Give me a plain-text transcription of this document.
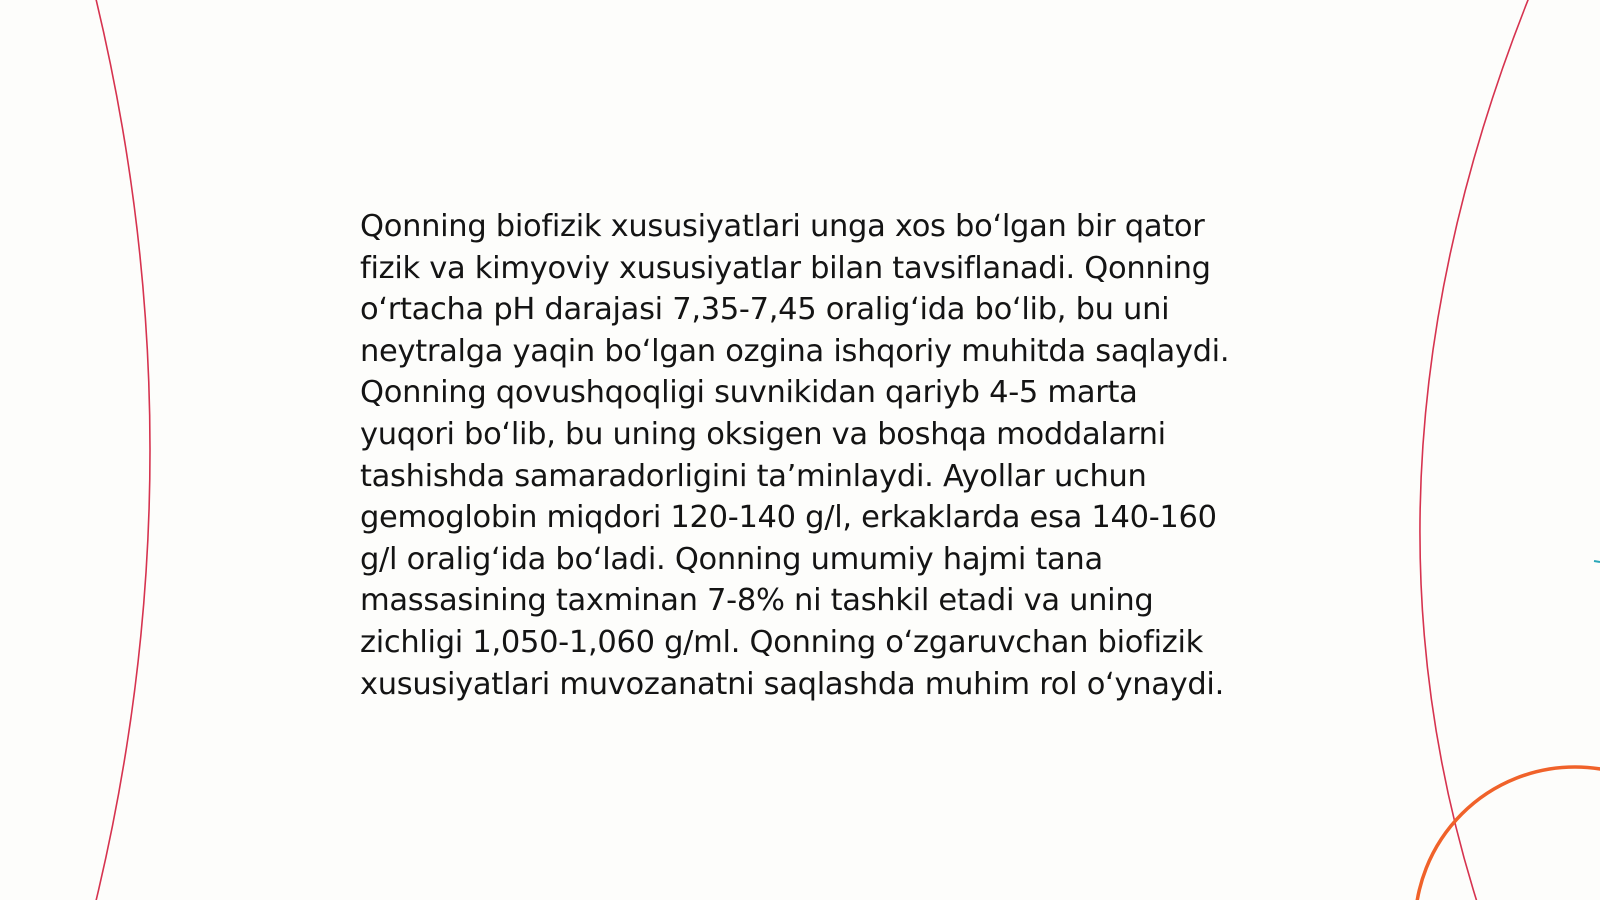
Qonning biofizik xususiyatlari unga xos bo‘lgan bir qator fizik va kimyoviy xususiyatlar bilan tavsiflanadi. Qonning o‘rtacha pH darajasi 7,35-7,45 oralig‘ida bo‘lib, bu uni neytralga yaqin bo‘lgan ozgina ishqoriy muhitda saqlaydi. Qonning qovushqoqligi suvnikidan qariyb 4-5 marta yuqori bo‘lib, bu uning oksigen va boshqa moddalarni tashishda samaradorligini ta’minlaydi. Ayollar uchun gemoglobin miqdori 120-140 g/l, erkaklarda esa 140-160 g/l oralig‘ida bo‘ladi. Qonning umumiy hajmi tana massasining taxminan 7-8% ni tashkil etadi va uning zichligi 1,050-1,060 g/ml. Qonning o‘zgaruvchan biofizik xususiyatlari muvozanatni saqlashda muhim rol o‘ynaydi.
